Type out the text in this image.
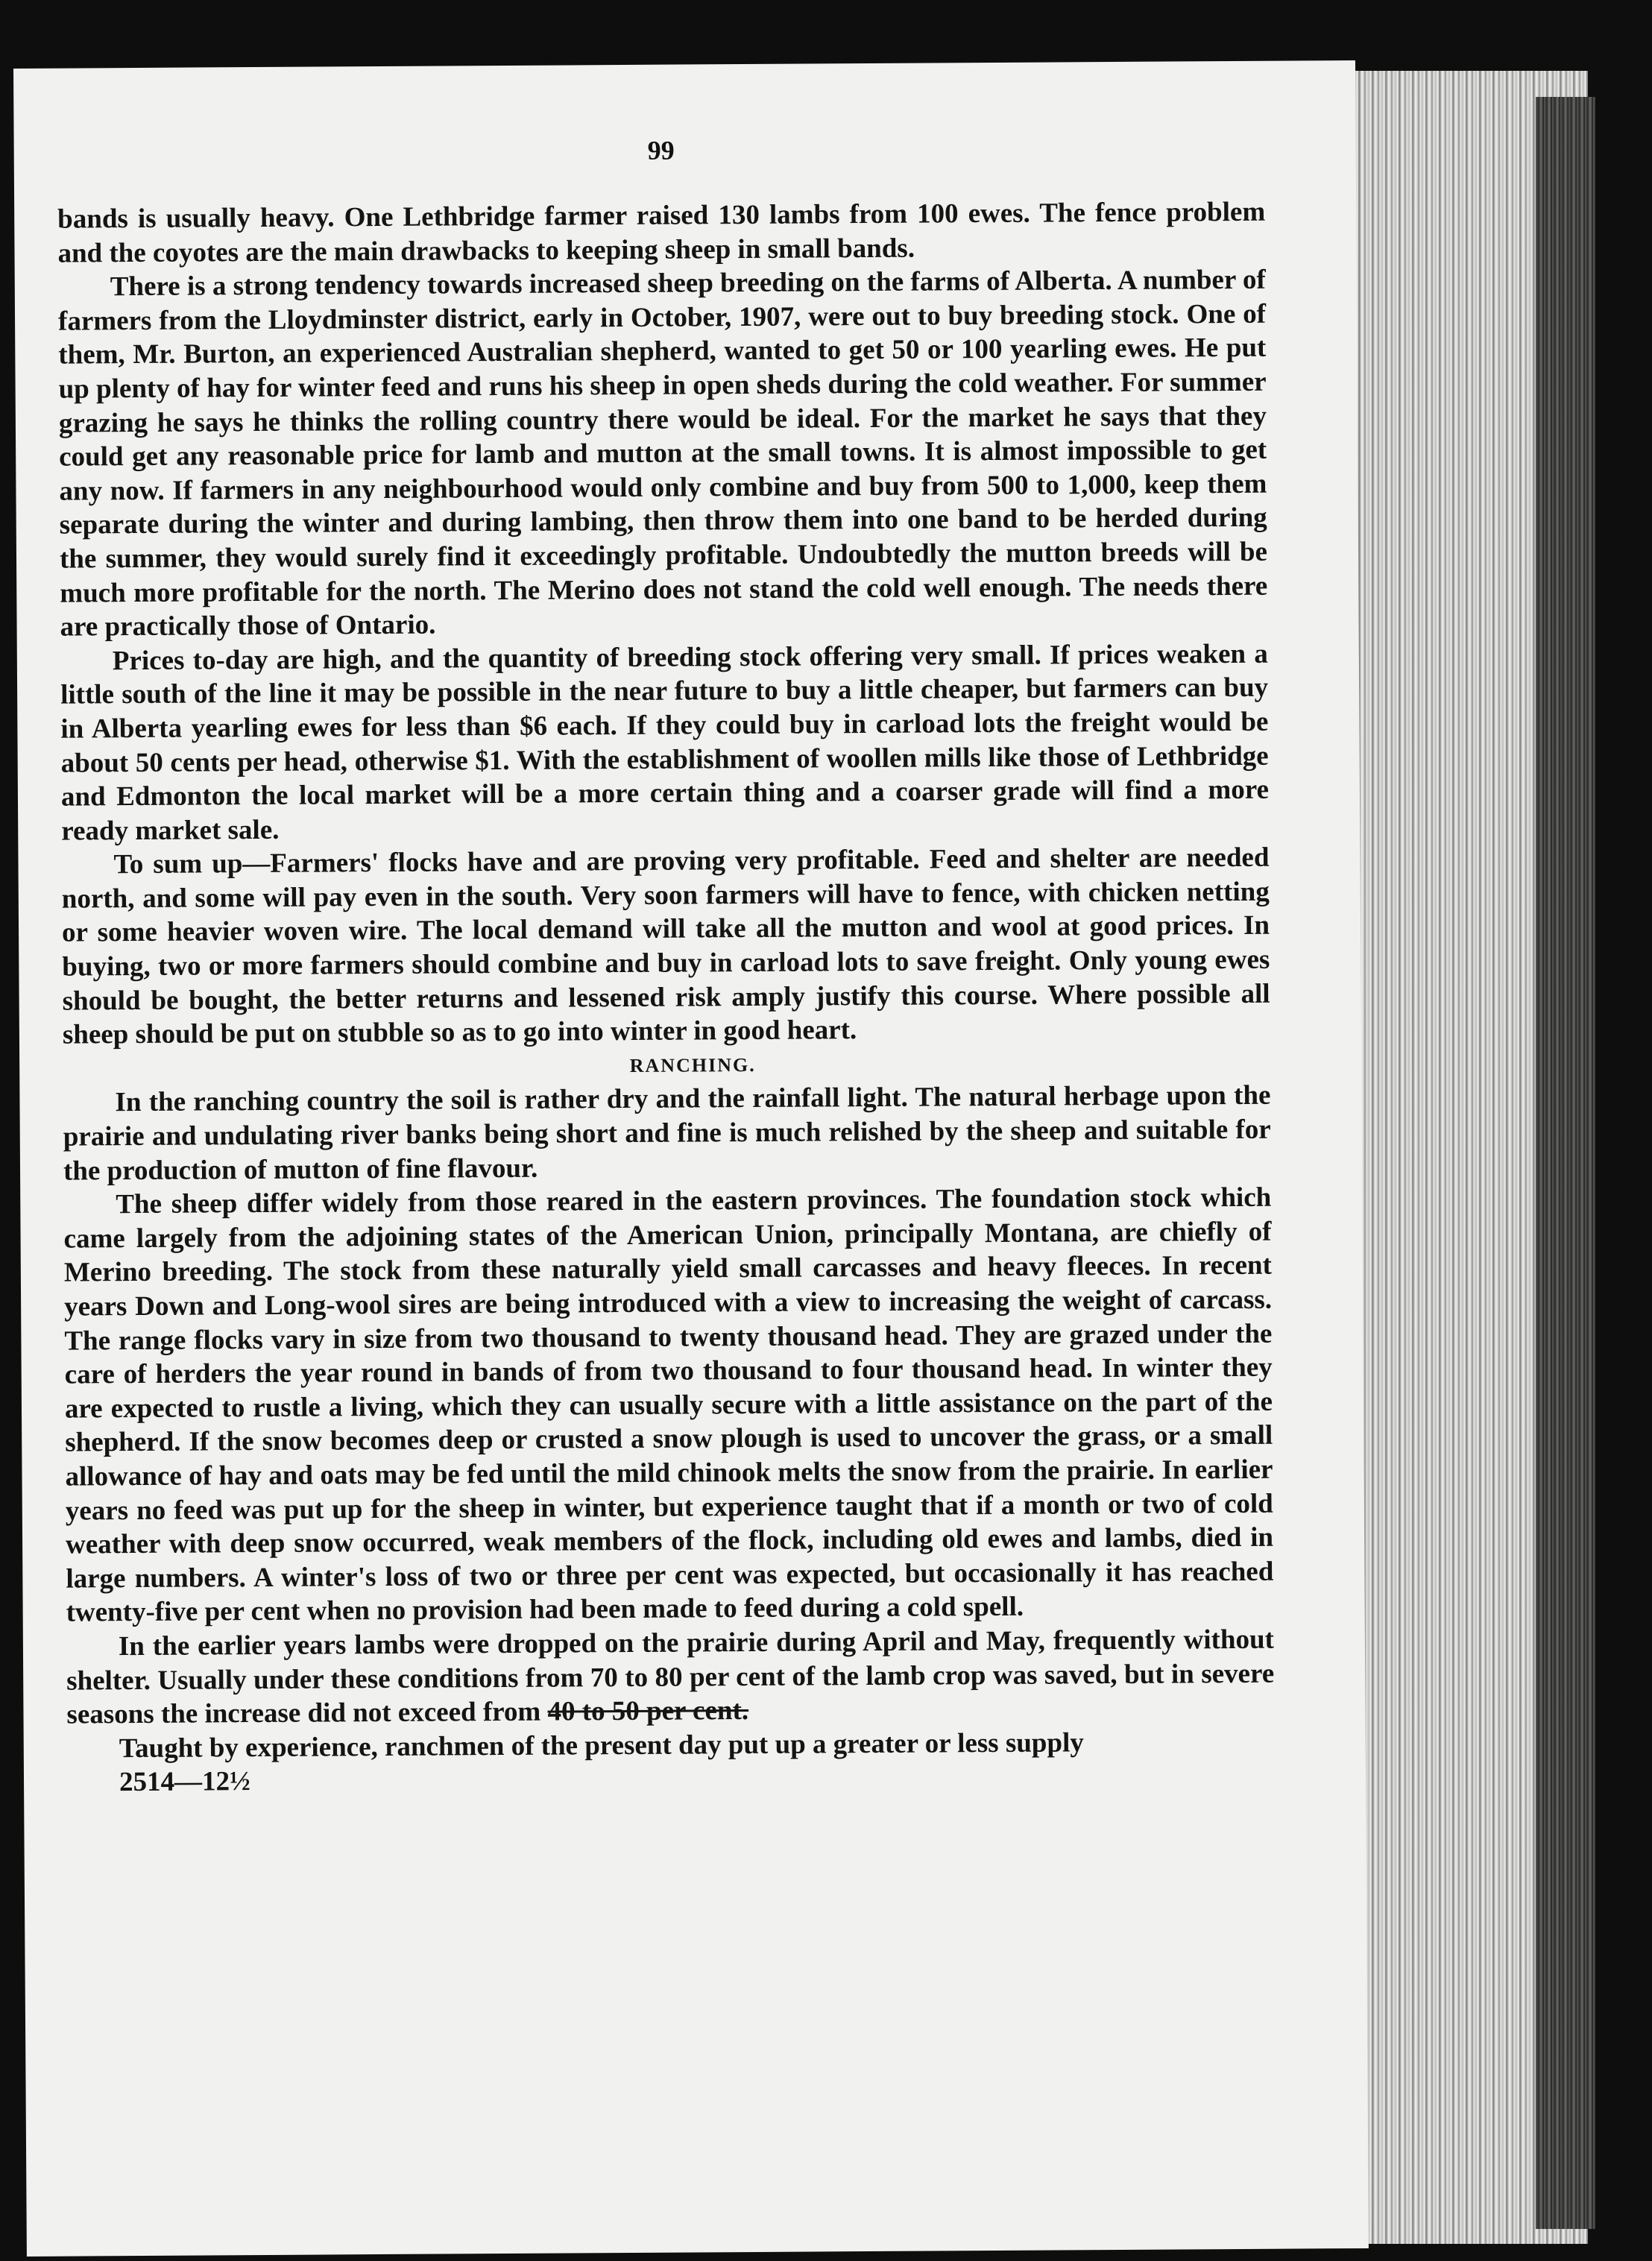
99

bands is usually heavy. One Lethbridge farmer raised 130 lambs from 100 ewes. The fence problem and the coyotes are the main drawbacks to keeping sheep in small bands.

There is a strong tendency towards increased sheep breeding on the farms of Alberta. A number of farmers from the Lloydminster district, early in October, 1907, were out to buy breeding stock. One of them, Mr. Burton, an experienced Australian shepherd, wanted to get 50 or 100 yearling ewes. He put up plenty of hay for winter feed and runs his sheep in open sheds during the cold weather. For summer grazing he says he thinks the rolling country there would be ideal. For the market he says that they could get any reasonable price for lamb and mutton at the small towns. It is almost impossible to get any now. If farmers in any neighbourhood would only combine and buy from 500 to 1,000, keep them separate during the winter and during lambing, then throw them into one band to be herded during the summer, they would surely find it exceedingly profitable. Undoubtedly the mutton breeds will be much more profitable for the north. The Merino does not stand the cold well enough. The needs there are practically those of Ontario.

Prices to-day are high, and the quantity of breeding stock offering very small. If prices weaken a little south of the line it may be possible in the near future to buy a little cheaper, but farmers can buy in Alberta yearling ewes for less than $6 each. If they could buy in carload lots the freight would be about 50 cents per head, otherwise $1. With the establishment of woollen mills like those of Lethbridge and Edmonton the local market will be a more certain thing and a coarser grade will find a more ready market sale.

To sum up—Farmers' flocks have and are proving very profitable. Feed and shelter are needed north, and some will pay even in the south. Very soon farmers will have to fence, with chicken netting or some heavier woven wire. The local demand will take all the mutton and wool at good prices. In buying, two or more farmers should combine and buy in carload lots to save freight. Only young ewes should be bought, the better returns and lessened risk amply justify this course. Where possible all sheep should be put on stubble so as to go into winter in good heart.

RANCHING.

In the ranching country the soil is rather dry and the rainfall light. The natural herbage upon the prairie and undulating river banks being short and fine is much relished by the sheep and suitable for the production of mutton of fine flavour.

The sheep differ widely from those reared in the eastern provinces. The foundation stock which came largely from the adjoining states of the American Union, principally Montana, are chiefly of Merino breeding. The stock from these naturally yield small carcasses and heavy fleeces. In recent years Down and Long-wool sires are being introduced with a view to increasing the weight of carcass. The range flocks vary in size from two thousand to twenty thousand head. They are grazed under the care of herders the year round in bands of from two thousand to four thousand head. In winter they are expected to rustle a living, which they can usually secure with a little assistance on the part of the shepherd. If the snow becomes deep or crusted a snow plough is used to uncover the grass, or a small allowance of hay and oats may be fed until the mild chinook melts the snow from the prairie. In earlier years no feed was put up for the sheep in winter, but experience taught that if a month or two of cold weather with deep snow occurred, weak members of the flock, including old ewes and lambs, died in large numbers. A winter's loss of two or three per cent was expected, but occasionally it has reached twenty-five per cent when no provision had been made to feed during a cold spell.

In the earlier years lambs were dropped on the prairie during April and May, frequently without shelter. Usually under these conditions from 70 to 80 per cent of the lamb crop was saved, but in severe seasons the increase did not exceed from 40 to 50 per cent.

Taught by experience, ranchmen of the present day put up a greater or less supply

2514—12½
